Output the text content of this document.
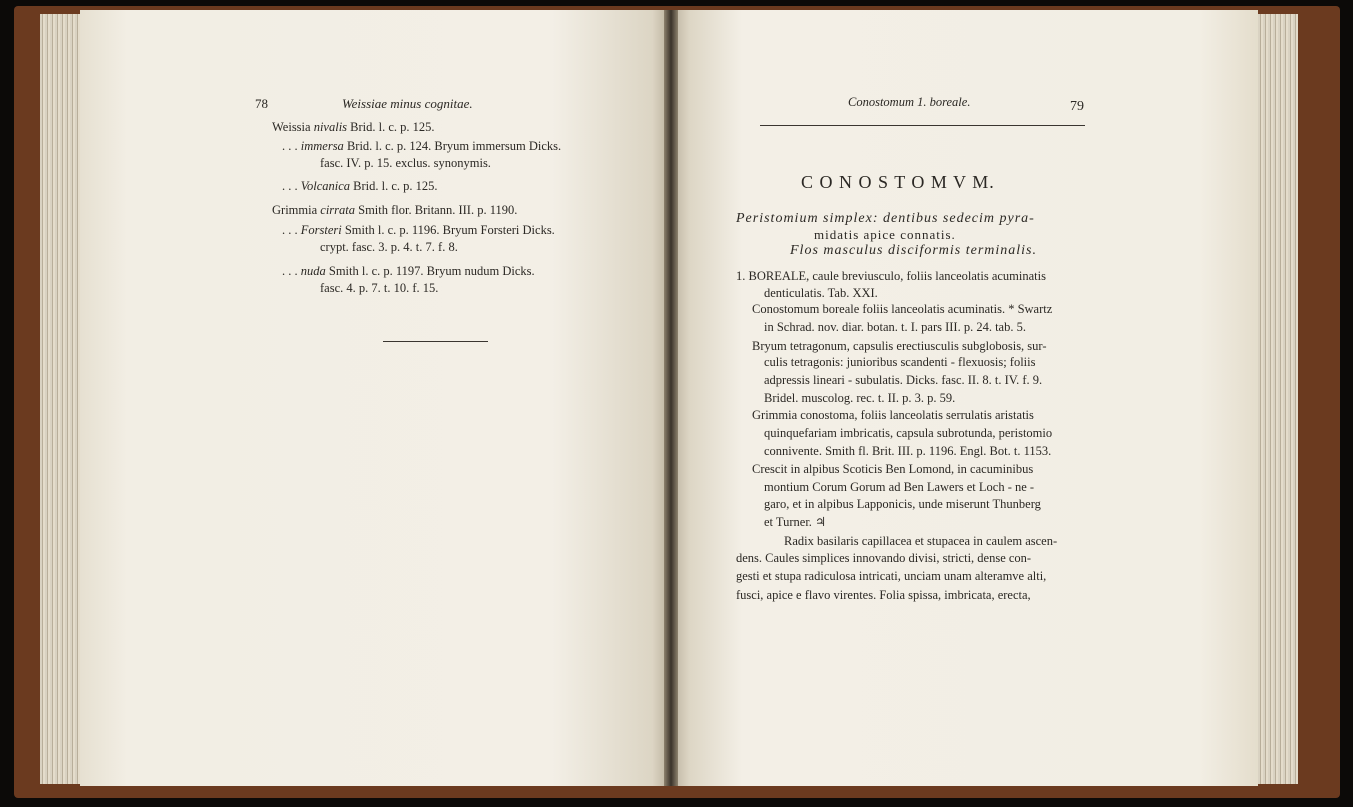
78	Weissiae minus cognitae.
Weissia nivalis Brid. l. c. p. 125.
. . . immersa Brid. l. c. p. 124. Bryum immersum Dicks.
fasc. IV. p. 15. exclus. synonymis.
. . . Volcanica Brid. l. c. p. 125.
Grimmia cirrata Smith flor. Britann. III. p. 1190.
. . . Forsteri Smith l. c. p. 1196. Bryum Forsteri Dicks.
crypt. fasc. 3. p. 4. t. 7. f. 8.
. . . nuda Smith l. c. p. 1197. Bryum nudum Dicks.
fasc. 4. p. 7. t. 10. f. 15.
Conostomum 1. boreale.	79
C O N O S T O M V M.
Peristomium simplex: dentibus sedecim pyra-
midatis apice connatis.
Flos masculus disciformis terminalis.
1. BOREALE, caule breviusculo, foliis lanceolatis acuminatis
denticulatis. Tab. XXI.
Conostomum boreale foliis lanceolatis acuminatis. * Swartz
in Schrad. nov. diar. botan. t. I. pars III. p. 24. tab. 5.
Bryum tetragonum, capsulis erectiusculis subglobosis, sur-
culis tetragonis: junioribus scandenti - flexuosis; foliis
adpressis lineari - subulatis. Dicks. fasc. II. 8. t. IV. f. 9.
Bridel. muscolog. rec. t. II. p. 3. p. 59.
Grimmia conostoma, foliis lanceolatis serrulatis aristatis
quinquefariam imbricatis, capsula subrotunda, peristomio
connivente. Smith fl. Brit. III. p. 1196. Engl. Bot. t. 1153.
Crescit in alpibus Scoticis Ben Lomond, in cacuminibus
montium Corum Gorum ad Ben Lawers et Loch - ne -
garo, et in alpibus Lapponicis, unde miserunt Thunberg
et Turner. ♃
Radix basilaris capillacea et stupacea in caulem ascen-
dens. Caules simplices innovando divisi, stricti, dense con-
gesti et stupa radiculosa intricati, unciam unam alteramve alti,
fusci, apice e flavo virentes. Folia spissa, imbricata, erecta,
